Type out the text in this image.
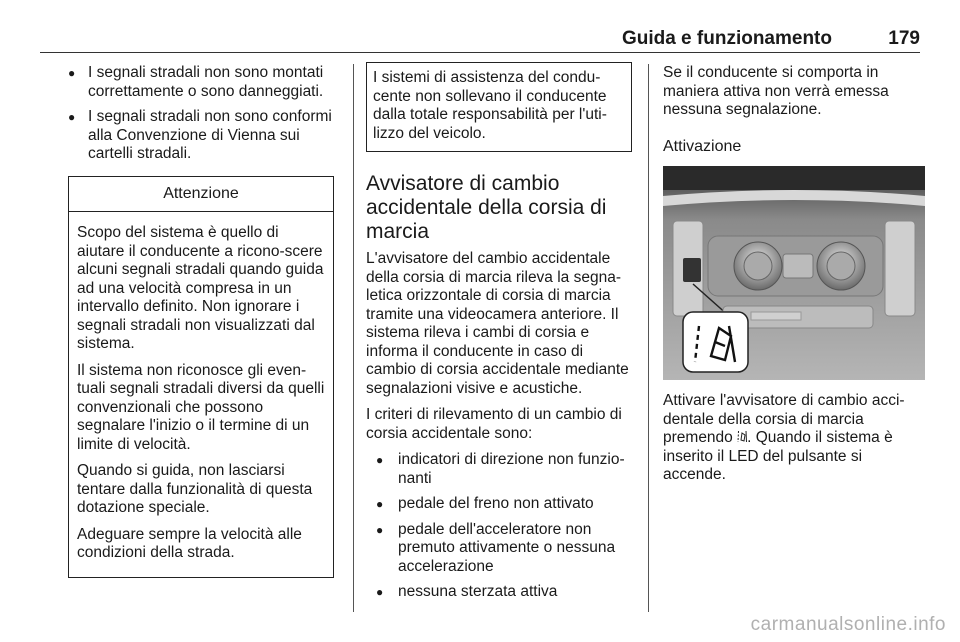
Guida e funzionamento	179
● I segnali stradali non sono montati correttamente o sono danneggiati.
● I segnali stradali non sono conformi alla Convenzione di Vienna sui cartelli stradali.
Attenzione

Scopo del sistema è quello di aiutare il conducente a ricono-scere alcuni segnali stradali quando guida ad una velocità compresa in un intervallo definito. Non ignorare i segnali stradali non visualizzati dal sistema.

Il sistema non riconosce gli even-tuali segnali stradali diversi da quelli convenzionali che possono segnalare l'inizio o il termine di un limite di velocità.

Quando si guida, non lasciarsi tentare dalla funzionalità di questa dotazione speciale.

Adeguare sempre la velocità alle condizioni della strada.

I sistemi di assistenza del condu-cente non sollevano il conducente dalla totale responsabilità per l'uti-lizzo del veicolo.
Avvisatore di cambio accidentale della corsia di marcia

L'avvisatore del cambio accidentale della corsia di marcia rileva la segna-letica orizzontale di corsia di marcia tramite una videocamera anteriore. Il sistema rileva i cambi di corsia e informa il conducente in caso di cambio di corsia accidentale mediante segnalazioni visive e acustiche.

I criteri di rilevamento di un cambio di corsia accidentale sono:

● indicatori di direzione non funzio-nanti
● pedale del freno non attivato
● pedale dell'acceleratore non premuto attivamente o nessuna accelerazione
● nessuna sterzata attiva

Se il conducente si comporta in maniera attiva non verrà emessa nessuna segnalazione.

Attivazione

Attivare l'avvisatore di cambio acci-dentale della corsia di marcia premendo . Quando il sistema è inserito il LED del pulsante si accende.

carmanualsonline.info
